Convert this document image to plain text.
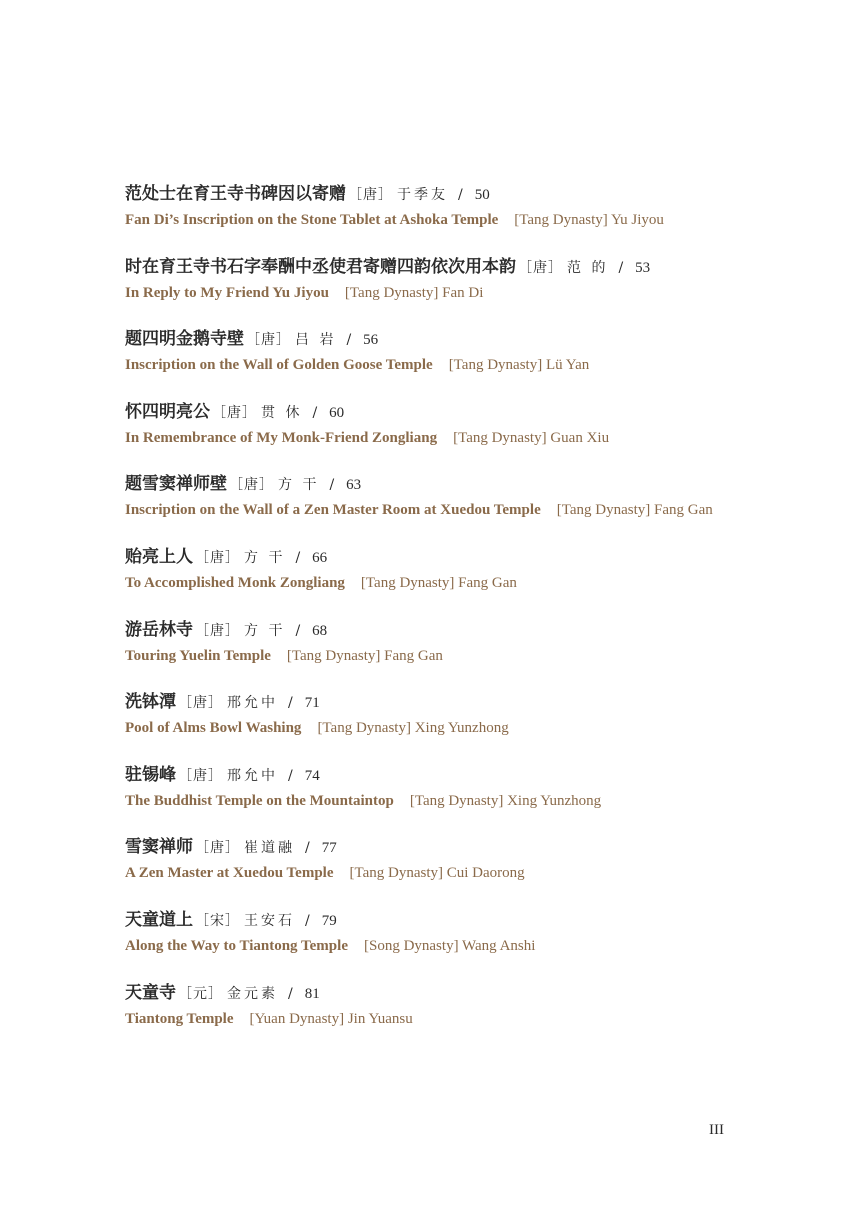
范处士在育王寺书碑因以寄赠 ［唐］ 于季友 / 50
Fan Di’s Inscription on the Stone Tablet at Ashoka Temple [Tang Dynasty] Yu Jiyou
时在育王寺书石字奉酬中丞使君寄赠四韵依次用本韵 ［唐］ 范 的 / 53
In Reply to My Friend Yu Jiyou [Tang Dynasty] Fan Di
题四明金鹅寺壁 ［唐］ 吕 岩 / 56
Inscription on the Wall of Golden Goose Temple [Tang Dynasty] Lü Yan
怀四明亮公 ［唐］ 贯 休 / 60
In Remembrance of My Monk-Friend Zongliang [Tang Dynasty] Guan Xiu
题雪窦禅师壁 ［唐］ 方 干 / 63
Inscription on the Wall of a Zen Master Room at Xuedou Temple [Tang Dynasty] Fang Gan
贻亮上人 ［唐］ 方 干 / 66
To Accomplished Monk Zongliang [Tang Dynasty] Fang Gan
游岳林寺 ［唐］ 方 干 / 68
Touring Yuelin Temple [Tang Dynasty] Fang Gan
洗钵潭 ［唐］ 邢允中 / 71
Pool of Alms Bowl Washing [Tang Dynasty] Xing Yunzhong
驻锡峰 ［唐］ 邢允中 / 74
The Buddhist Temple on the Mountaintop [Tang Dynasty] Xing Yunzhong
雪窦禅师 ［唐］ 崔道融 / 77
A Zen Master at Xuedou Temple [Tang Dynasty] Cui Daorong
天童道上 ［宋］ 王安石 / 79
Along the Way to Tiantong Temple [Song Dynasty] Wang Anshi
天童寺 ［元］ 金元素 / 81
Tiantong Temple [Yuan Dynasty] Jin Yuansu
III
